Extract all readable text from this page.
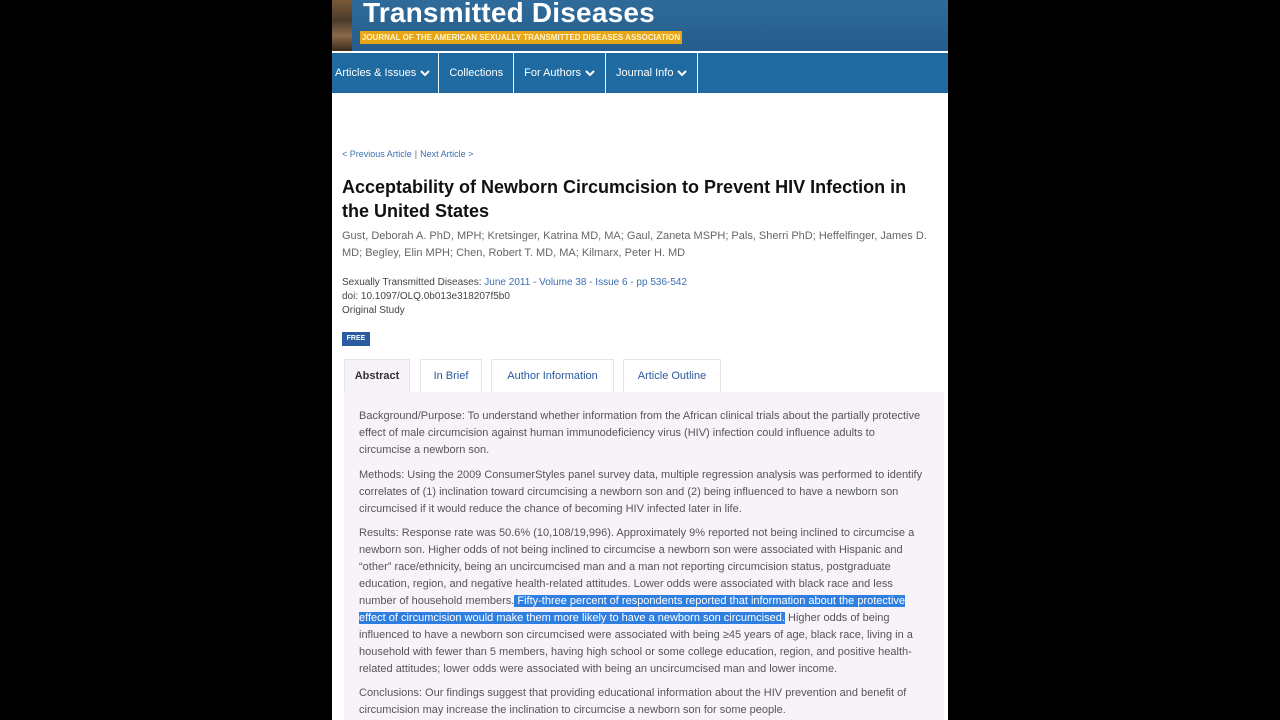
Transmitted Diseases
JOURNAL OF THE AMERICAN SEXUALLY TRANSMITTED DISEASES ASSOCIATION
Articles & Issues	Collections For Authors	Journal Info
< Previous Article | Next Article >
Acceptability of Newborn Circumcision to Prevent HIV Infection in the United States
Gust, Deborah A. PhD, MPH; Kretsinger, Katrina MD, MA; Gaul, Zaneta MSPH; Pals, Sherri PhD; Heffelfinger, James D. MD; Begley, Elin MPH; Chen, Robert T. MD, MA; Kilmarx, Peter H. MD
Sexually Transmitted Diseases: June 2011 - Volume 38 - Issue 6 - pp 536-542
doi: 10.1097/OLQ.0b013e318207f5b0
Original Study
FREE
Abstract	In Brief	Author Information	Article Outline
Background/Purpose: To understand whether information from the African clinical trials about the partially protective effect of male circumcision against human immunodeficiency virus (HIV) infection could influence adults to circumcise a newborn son.
Methods: Using the 2009 ConsumerStyles panel survey data, multiple regression analysis was performed to identify correlates of (1) inclination toward circumcising a newborn son and (2) being influenced to have a newborn son circumcised if it would reduce the chance of becoming HIV infected later in life.
Results: Response rate was 50.6% (10,108/19,996). Approximately 9% reported not being inclined to circumcise a newborn son. Higher odds of not being inclined to circumcise a newborn son were associated with Hispanic and “other” race/ethnicity, being an uncircumcised man and a man not reporting circumcision status, postgraduate education, region, and negative health-related attitudes. Lower odds were associated with black race and less number of household members. Fifty-three percent of respondents reported that information about the protective effect of circumcision would make them more likely to have a newborn son circumcised. Higher odds of being influenced to have a newborn son circumcised were associated with being ≥45 years of age, black race, living in a household with fewer than 5 members, having high school or some college education, region, and positive health-related attitudes; lower odds were associated with being an uncircumcised man and lower income.
Conclusions: Our findings suggest that providing educational information about the HIV prevention and benefit of circumcision may increase the inclination to circumcise a newborn son for some people.
